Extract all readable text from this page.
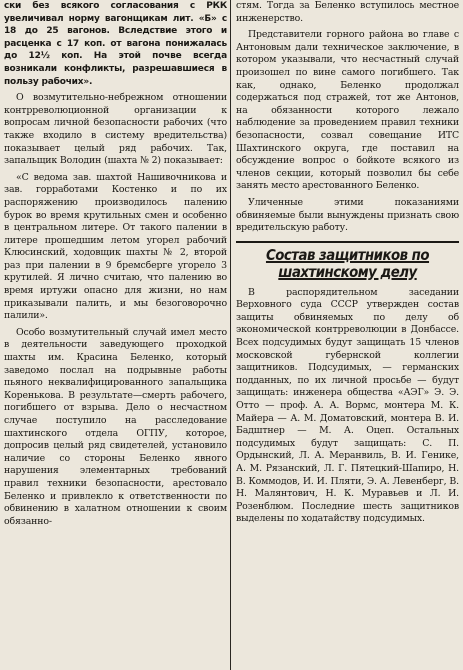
ски без всякого согласования с РКК увеличивал норму вагонщикам лит. «Б» с 18 до 25 вагонов. Вследствие этого и расценка с 17 коп. от вагона понижалась до 12½ коп. На этой почве всегда возникали конфликты, разрешавшиеся в пользу рабочих».

О возмутительно-небрежном отношении контрреволюционной организации к вопросам личной безопасности рабочих (что также входило в систему вредительства) показывает целый ряд рабочих. Так, запальщик Володин (шахта № 2) показывает:

«С ведома зав. шахтой Нашивочникова и зав. горработами Костенко и по их распоряжению производилось палению бурок во время крутильных смен и особенно в центральном литере. От такого палении в литере прошедшим летом угорел рабочий Клюсинский, ходовщик шахты № 2, второй раз при палении в 9 бремсберге угорело 3 крутилей. Я лично считаю, что палению во время иртужи опасно для жизни, но нам приказывали палить, и мы безоговорочно палили».

Особо возмутительный случай имел место в деятельности заведующего проходкой шахты им. Красина Беленко, который заведомо послал на подрывные работы пьяного неквалифицированного запальщика Кореньковa. В результате—смерть рабочего, погибшего от взрыва. Дело о несчастном случае поступило на расследование шахтинского отдела ОГПУ, которое, допросив целый ряд свидетелей, установило наличие со стороны Беленко явного нарушения элементарных требований правил техники безопасности, арестовало Беленко и привлекло к ответственности по обвинению в халатном отношении к своим обязанно-

стям. Тогда за Беленко вступилось местное инженерство.

Представители горного района во главе с Антоновым дали техническое заключение, в котором указывали, что несчастный случай произошел по вине самого погибшего. Так как, однако, Беленко продолжал содержаться под стражей, тот же Антонов, на обязанности которого лежало наблюдение за проведением правил техники безопасности, созвал совещание ИТС Шахтинского округа, где поставил на обсуждение вопрос о бойкоте всякого из членов секции, который позволил бы себе занять место арестованного Беленко.

Уличенные этими показаниями обвиняемые были вынуждены признать свою вредительскую работу.

Состав защитников по шахтинскому делу

В распорядительном заседании Верховного суда СССР утвержден состав защиты обвиняемых по делу об экономической контрреволюции в Донбассе. Всех подсудимых будут защищать 15 членов московской губернской коллегии защитников. Подсудимых, — германских подданных, по их личной просьбе — будут защищать: инженера общества «АЭГ» Э. Э. Отто — проф. А. А. Вормс, монтера М. К. Майера — А. М. Доматовский, монтера В. И. Бадштнер — М. А. Оцеп. Остальных подсудимых будут защищать: С. П. Ордынский, Л. А. Меранвиль, В. И. Генике, А. М. Рязанский, Л. Г. Пятецкий-Шапиро, Н. В. Коммодов, И. И. Пляти, Э. А. Левенберг, В. Н. Малянтович, Н. К. Муравьев и Л. И. Розенблюм. Последние шесть защитников выделены по ходатайству подсудимых.
